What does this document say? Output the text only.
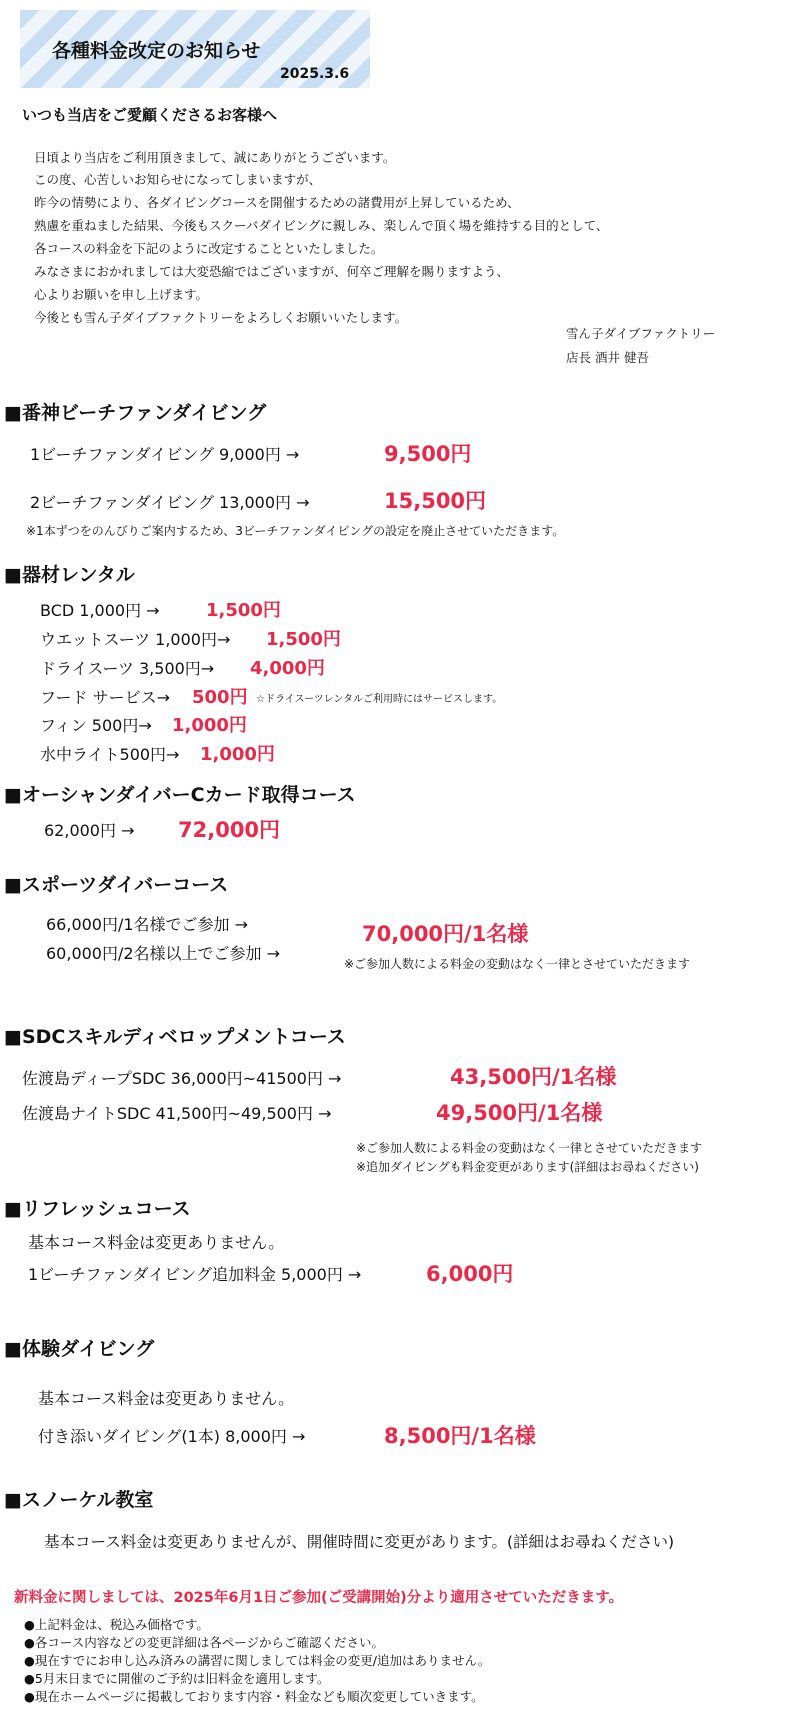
各種料金改定のお知らせ
2025.3.6
いつも当店をご愛顧くださるお客様へ
日頃より当店をご利用頂きまして、誠にありがとうございます。
この度、心苦しいお知らせになってしまいますが、
昨今の情勢により、各ダイビングコースを開催するための諸費用が上昇しているため、
熟慮を重ねました結果、今後もスクーバダイビングに親しみ、楽しんで頂く場を維持する目的として、
各コースの料金を下記のように改定することといたしました。
みなさまにおかれましては大変恐縮ではございますが、何卒ご理解を賜りますよう、
心よりお願いを申し上げます。
今後とも雪ん子ダイブファクトリーをよろしくお願いいたします。
雪ん子ダイブファクトリー
店長 酒井 健吾
■番神ビーチファンダイビング
1ビーチファンダイビング 9,000円 →	9,500円
2ビーチファンダイビング 13,000円 →	15,500円
※1本ずつをのんびりご案内するため、3ビーチファンダイビングの設定を廃止させていただきます。
■器材レンタル
BCD 1,000円 →	1,500円
ウエットスーツ 1,000円→ 1,500円
ドライスーツ 3,500円→ 4,000円
フード サービス→ 500円 ☆ドライスーツレンタルご利用時にはサービスします。
フィン 500円→ 1,000円
水中ライト500円→ 1,000円
■オーシャンダイバーCカード取得コース
62,000円 → 72,000円
■スポーツダイバーコース
66,000円/1名様でご参加 →
60,000円/2名様以上でご参加 →
70,000円/1名様
※ご参加人数による料金の変動はなく一律とさせていただきます
■SDCスキルディベロップメントコース
佐渡島ディープSDC 36,000円~41500円 →	43,500円/1名様
佐渡島ナイトSDC 41,500円~49,500円 →	49,500円/1名様
※ご参加人数による料金の変動はなく一律とさせていただきます
※追加ダイビングも料金変更があります(詳細はお尋ねください)
■リフレッシュコース
基本コース料金は変更ありません。
1ビーチファンダイビング追加料金 5,000円 →	6,000円
■体験ダイビング
基本コース料金は変更ありません。
付き添いダイビング(1本) 8,000円 →	8,500円/1名様
■スノーケル教室
基本コース料金は変更ありませんが、開催時間に変更があります。(詳細はお尋ねください)
新料金に関しましては、2025年6月1日ご参加(ご受講開始)分より適用させていただきます。
●上記料金は、税込み価格です。
●各コース内容などの変更詳細は各ページからご確認ください。
●現在すでにお申し込み済みの講習に関しましては料金の変更/追加はありません。
●5月末日までに開催のご予約は旧料金を適用します。
●現在ホームページに掲載しております内容・料金なども順次変更していきます。
